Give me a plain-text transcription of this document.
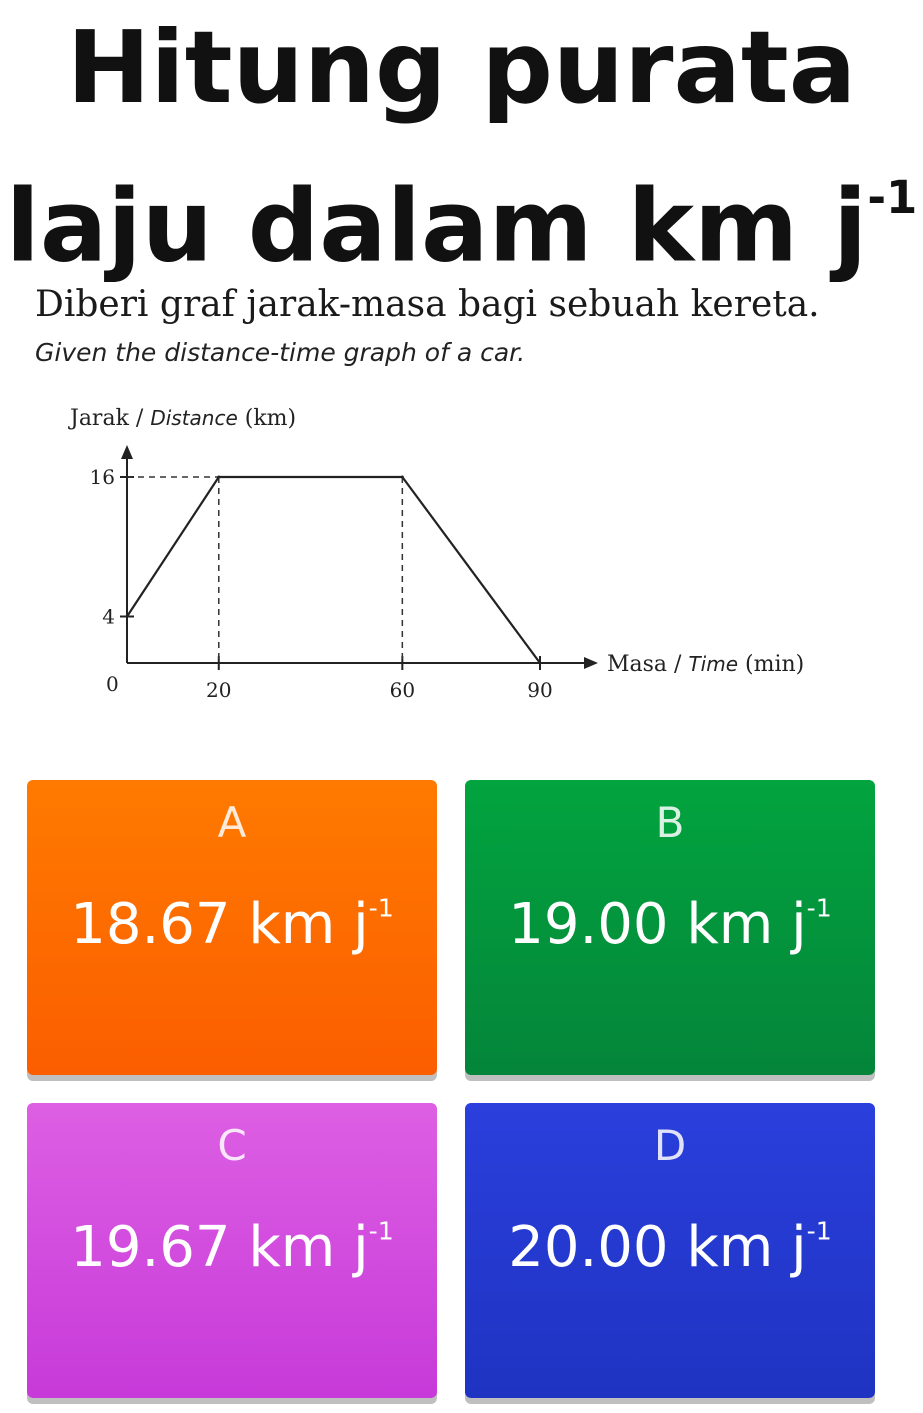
Hitung purata
laju dalam km $j^{-1}$
Diberi graf jarak-masa bagi sebuah kereta.
Given the distance-time graph of a car.
Jarak / Distance (km)
Masa / Time (min)
0	20	60	90
4
16
A
18.67 km $j^{-1}$
B
19.00 km $j^{-1}$
C
19.67 km $j^{-1}$
D
20.00 km $j^{-1}$
